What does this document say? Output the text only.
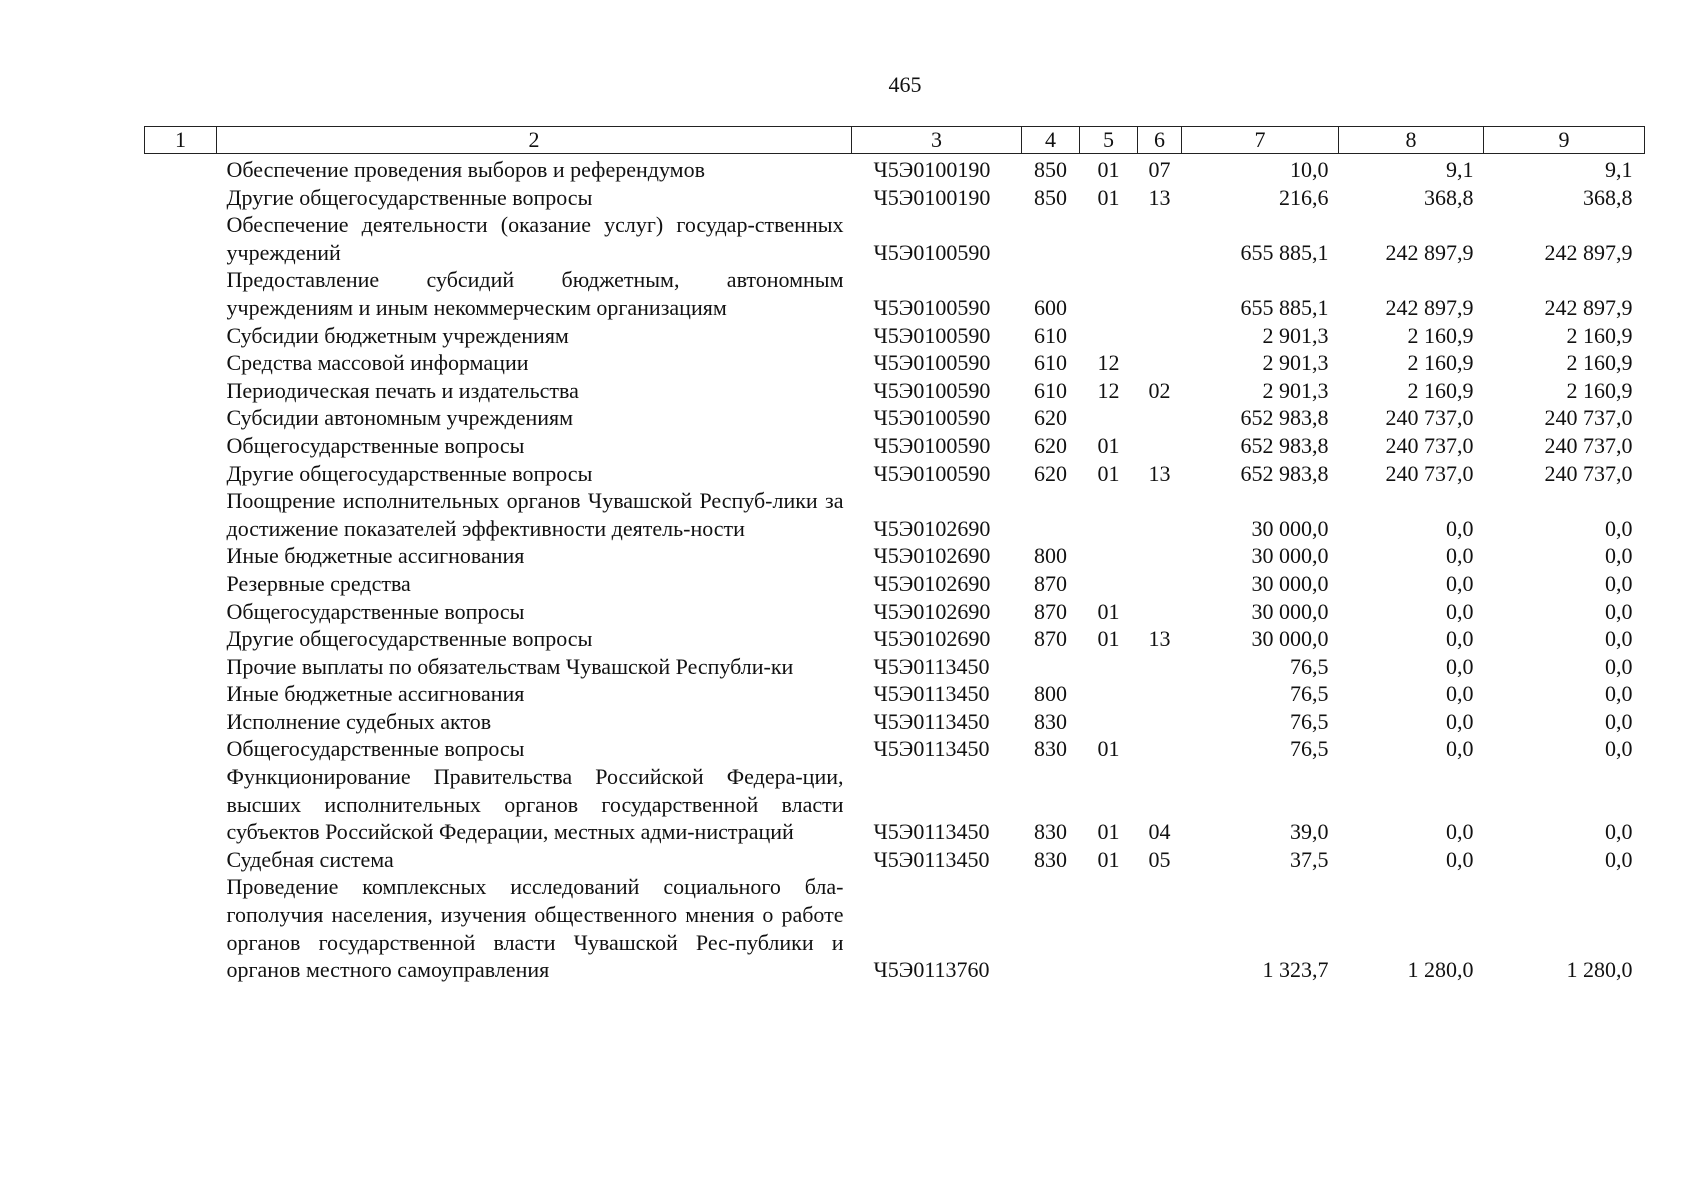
465
1	2	3	4	5	6	7	8	9
	Обеспечение проведения выборов и референдумов	Ч5Э0100190	850	01	07	10,0	9,1	9,1
	Другие общегосударственные вопросы	Ч5Э0100190	850	01	13	216,6	368,8	368,8
	Обеспечение деятельности (оказание услуг) государ-ственных учреждений	Ч5Э0100590				655 885,1	242 897,9	242 897,9
	Предоставление субсидий бюджетным, автономным учреждениям и иным некоммерческим организациям	Ч5Э0100590	600			655 885,1	242 897,9	242 897,9
	Субсидии бюджетным учреждениям	Ч5Э0100590	610			2 901,3	2 160,9	2 160,9
	Средства массовой информации	Ч5Э0100590	610	12		2 901,3	2 160,9	2 160,9
	Периодическая печать и издательства	Ч5Э0100590	610	12	02	2 901,3	2 160,9	2 160,9
	Субсидии автономным учреждениям	Ч5Э0100590	620			652 983,8	240 737,0	240 737,0
	Общегосударственные вопросы	Ч5Э0100590	620	01		652 983,8	240 737,0	240 737,0
	Другие общегосударственные вопросы	Ч5Э0100590	620	01	13	652 983,8	240 737,0	240 737,0
	Поощрение исполнительных органов Чувашской Респуб-лики за достижение показателей эффективности деятель-ности	Ч5Э0102690				30 000,0	0,0	0,0
	Иные бюджетные ассигнования	Ч5Э0102690	800			30 000,0	0,0	0,0
	Резервные средства	Ч5Э0102690	870			30 000,0	0,0	0,0
	Общегосударственные вопросы	Ч5Э0102690	870	01		30 000,0	0,0	0,0
	Другие общегосударственные вопросы	Ч5Э0102690	870	01	13	30 000,0	0,0	0,0
	Прочие выплаты по обязательствам Чувашской Республи-ки	Ч5Э0113450				76,5	0,0	0,0
	Иные бюджетные ассигнования	Ч5Э0113450	800			76,5	0,0	0,0
	Исполнение судебных актов	Ч5Э0113450	830			76,5	0,0	0,0
	Общегосударственные вопросы	Ч5Э0113450	830	01		76,5	0,0	0,0
	Функционирование Правительства Российской Федера-ции, высших исполнительных органов государственной власти субъектов Российской Федерации, местных адми-нистраций	Ч5Э0113450	830	01	04	39,0	0,0	0,0
	Судебная система	Ч5Э0113450	830	01	05	37,5	0,0	0,0
	Проведение комплексных исследований социального бла-гополучия населения, изучения общественного мнения о работе органов государственной власти Чувашской Рес-публики и органов местного самоуправления	Ч5Э0113760				1 323,7	1 280,0	1 280,0
